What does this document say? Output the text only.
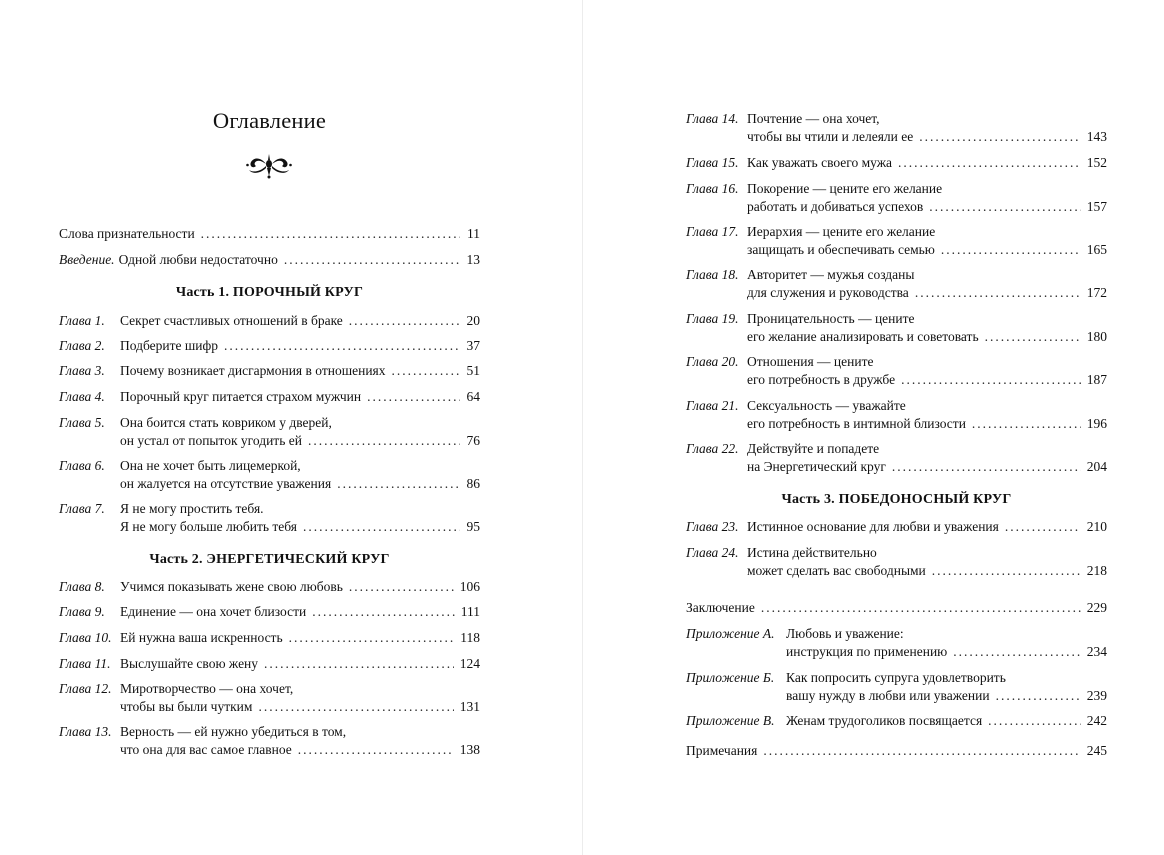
Оглавление
Слова признательности .....	11
Введение. Одной любви недостаточно .....	13
Часть 1. ПОРОЧНЫЙ КРУГ
Глава 1.	Секрет счастливых отношений в браке .....	20
Глава 2.	Подберите шифр .....	37
Глава 3.	Почему возникает дисгармония в отношениях .....	51
Глава 4.	Порочный круг питается страхом мужчин .....	64
Глава 5.	Она боится стать ковриком у дверей,
он устал от попыток угодить ей .....	76
Глава 6.	Она не хочет быть лицемеркой,
он жалуется на отсутствие уважения .....	86
Глава 7.	Я не могу простить тебя.
Я не могу больше любить тебя .....	95
Часть 2. ЭНЕРГЕТИЧЕСКИЙ КРУГ
Глава 8.	Учимся показывать жене свою любовь .....	106
Глава 9.	Единение — она хочет близости .....	111
Глава 10. Ей нужна ваша искренность .....	118
Глава 11. Выслушайте свою жену .....	124
Глава 12. Миротворчество — она хочет,
чтобы вы были чутким .....	131
Глава 13. Верность — ей нужно убедиться в том,
что она для вас самое главное .....	138
Глава 14. Почтение — она хочет,
чтобы вы чтили и лелеяли ее .....	143
Глава 15. Как уважать своего мужа .....	152
Глава 16. Покорение — цените его желание
работать и добиваться успехов .....	157
Глава 17. Иерархия — цените его желание
защищать и обеспечивать семью .....	165
Глава 18. Авторитет — мужья созданы
для служения и руководства .....	172
Глава 19. Проницательность — цените
его желание анализировать и советовать .....	180
Глава 20. Отношения — цените
его потребность в дружбе .....	187
Глава 21. Сексуальность — уважайте
его потребность в интимной близости .....	196
Глава 22. Действуйте и попадете
на Энергетический круг .....	204
Часть 3. ПОБЕДОНОСНЫЙ КРУГ
Глава 23. Истинное основание для любви и уважения .....	210
Глава 24. Истина действительно
может сделать вас свободными .....	218
Заключение .....	229
Приложение А. Любовь и уважение:
инструкция по применению .....	234
Приложение Б. Как попросить супруга удовлетворить
вашу нужду в любви или уважении .....	239
Приложение В. Женам трудоголиков посвящается .....	242
Примечания .....	245
